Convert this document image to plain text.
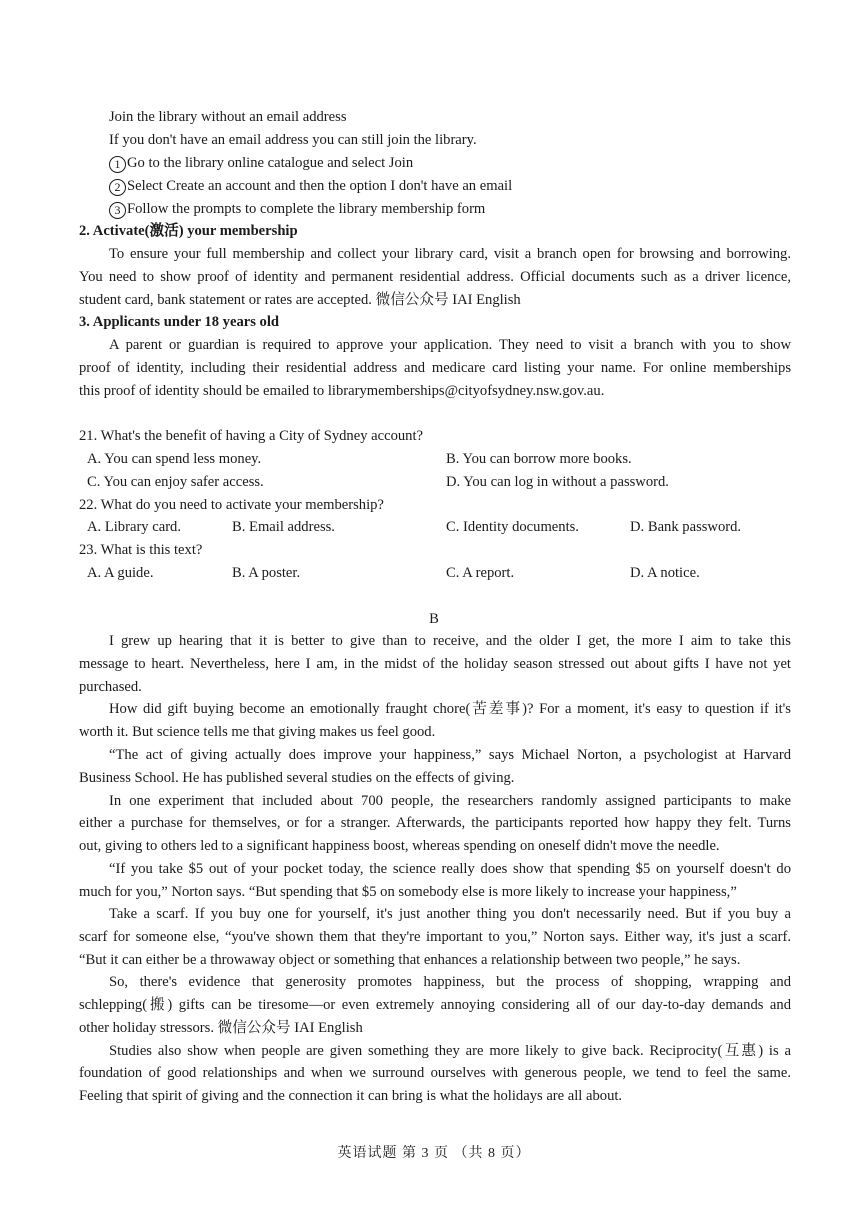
Join the library without an email address
If you don't have an email address you can still join the library.
1 Go to the library online catalogue and select Join
2 Select Create an account and then the option I don't have an email
3 Follow the prompts to complete the library membership form
2. Activate(激活) your membership
To ensure your full membership and collect your library card, visit a branch open for browsing and borrowing.
You need to show proof of identity and permanent residential address. Official documents such as a driver licence,
student card, bank statement or rates are accepted. 微信公众号 IAI English
3. Applicants under 18 years old
A parent or guardian is required to approve your application. They need to visit a branch with you to show
proof of identity, including their residential address and medicare card listing your name. For online memberships
this proof of identity should be emailed to librarymemberships@cityofsydney.nsw.gov.au.
21. What's the benefit of having a City of Sydney account?
A. You can spend less money.	B. You can borrow more books.
C. You can enjoy safer access.	D. You can log in without a password.
22. What do you need to activate your membership?
A. Library card.	B. Email address.	C. Identity documents.	D. Bank password.
23. What is this text?
A. A guide.	B. A poster.	C. A report.	D. A notice.
B
I grew up hearing that it is better to give than to receive, and the older I get, the more I aim to take this
message to heart. Nevertheless, here I am, in the midst of the holiday season stressed out about gifts I have not yet
purchased.
How did gift buying become an emotionally fraught chore(苦差事)? For a moment, it's easy to question if it's
worth it. But science tells me that giving makes us feel good.
“The act of giving actually does improve your happiness,” says Michael Norton, a psychologist at Harvard
Business School. He has published several studies on the effects of giving.
In one experiment that included about 700 people, the researchers randomly assigned participants to make
either a purchase for themselves, or for a stranger. Afterwards, the participants reported how happy they felt. Turns
out, giving to others led to a significant happiness boost, whereas spending on oneself didn't move the needle.
“If you take $5 out of your pocket today, the science really does show that spending $5 on yourself doesn't do
much for you,” Norton says. “But spending that $5 on somebody else is more likely to increase your happiness,”
Take a scarf. If you buy one for yourself, it's just another thing you don't necessarily need. But if you buy a
scarf for someone else, “you've shown them that they're important to you,” Norton says. Either way, it's just a scarf.
“But it can either be a throwaway object or something that enhances a relationship between two people,” he says.
So, there's evidence that generosity promotes happiness, but the process of shopping, wrapping and
schlepping(搬) gifts can be tiresome—or even extremely annoying considering all of our day-to-day demands and
other holiday stressors. 微信公众号 IAI English
Studies also show when people are given something they are more likely to give back. Reciprocity(互惠) is a
foundation of good relationships and when we surround ourselves with generous people, we tend to feel the same.
Feeling that spirit of giving and the connection it can bring is what the holidays are all about.
英语试题 第 3 页 （共 8 页）
